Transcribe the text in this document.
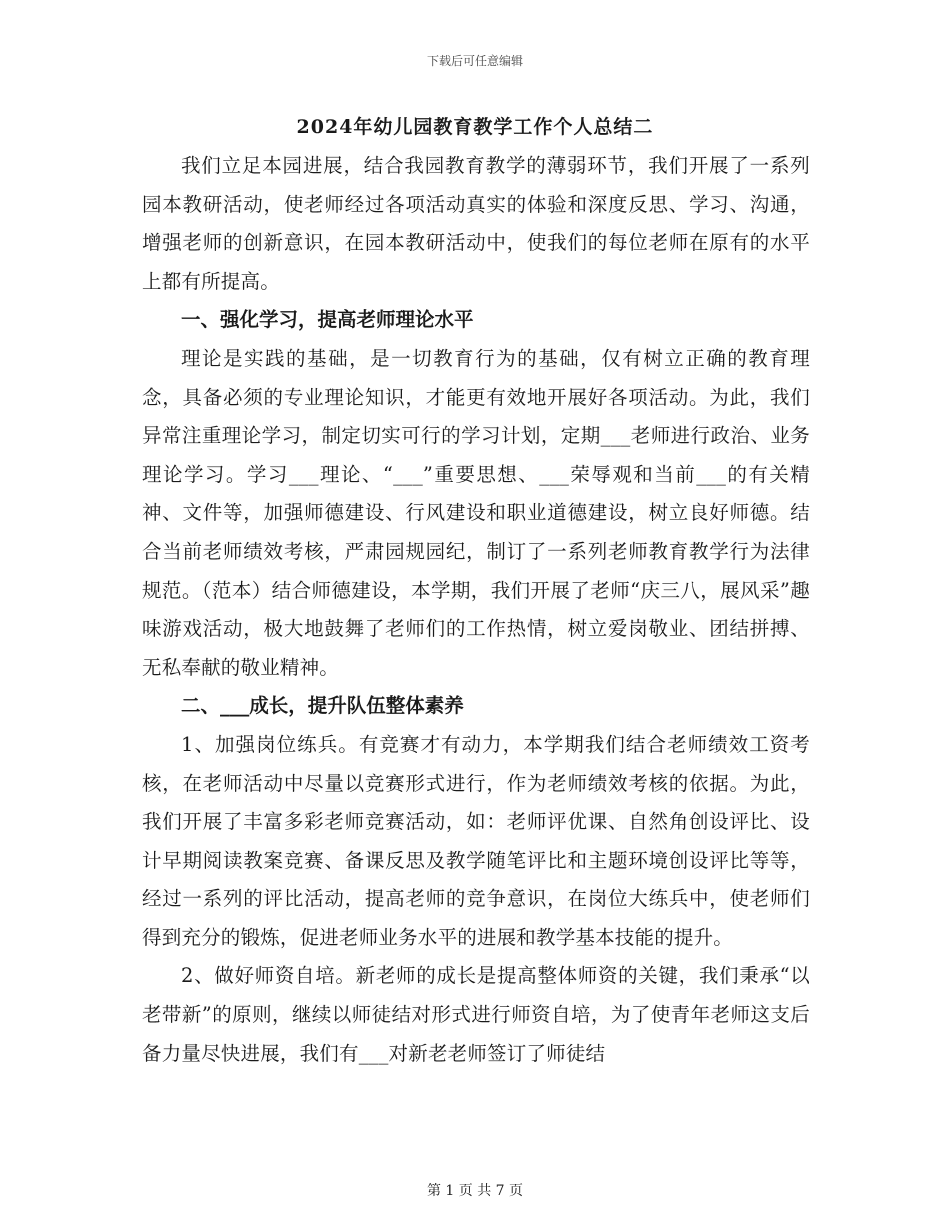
下载后可任意编辑
2024年幼儿园教育教学工作个人总结二

我们立足本园进展，结合我园教育教学的薄弱环节，我们开展了一系列园本教研活动，使老师经过各项活动真实的体验和深度反思、学习、沟通，增强老师的创新意识，在园本教研活动中，使我们的每位老师在原有的水平上都有所提高。

一、强化学习，提高老师理论水平

理论是实践的基础，是一切教育行为的基础，仅有树立正确的教育理念，具备必须的专业理论知识，才能更有效地开展好各项活动。为此，我们异常注重理论学习，制定切实可行的学习计划，定期___老师进行政治、业务理论学习。学习___理论、“___”重要思想、___荣辱观和当前___的有关精神、文件等，加强师德建设、行风建设和职业道德建设，树立良好师德。结合当前老师绩效考核，严肃园规园纪，制订了一系列老师教育教学行为法律规范。（范本）结合师德建设，本学期，我们开展了老师“庆三八，展风采”趣味游戏活动，极大地鼓舞了老师们的工作热情，树立爱岗敬业、团结拼搏、无私奉献的敬业精神。

二、___成长，提升队伍整体素养

1、加强岗位练兵。有竞赛才有动力，本学期我们结合老师绩效工资考核，在老师活动中尽量以竞赛形式进行，作为老师绩效考核的依据。为此，我们开展了丰富多彩老师竞赛活动，如：老师评优课、自然角创设评比、设计早期阅读教案竞赛、备课反思及教学随笔评比和主题环境创设评比等等，经过一系列的评比活动，提高老师的竞争意识，在岗位大练兵中，使老师们得到充分的锻炼，促进老师业务水平的进展和教学基本技能的提升。

2、做好师资自培。新老师的成长是提高整体师资的关键，我们秉承“以老带新”的原则，继续以师徒结对形式进行师资自培，为了使青年老师这支后备力量尽快进展，我们有___对新老老师签订了师徒结

第 1 页 共 7 页
